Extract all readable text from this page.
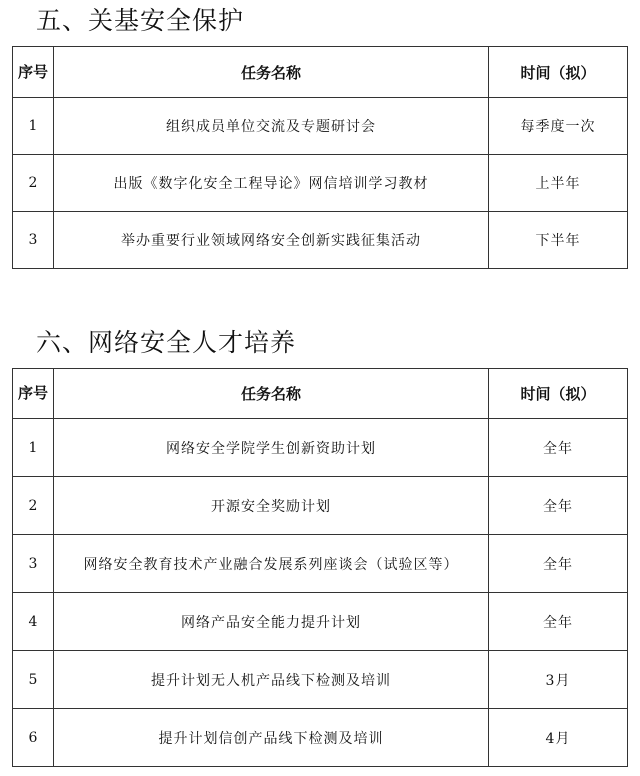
五、关基安全保护
序号	任务名称	时间（拟）
1	组织成员单位交流及专题研讨会	每季度一次
2	出版《数字化安全工程导论》网信培训学习教材	上半年
3	举办重要行业领域网络安全创新实践征集活动	下半年
六、网络安全人才培养
序号	任务名称	时间（拟）
1	网络安全学院学生创新资助计划	全年
2	开源安全奖励计划	全年
3	网络安全教育技术产业融合发展系列座谈会（试验区等）	全年
4	网络产品安全能力提升计划	全年
5	提升计划无人机产品线下检测及培训	3月
6	提升计划信创产品线下检测及培训	4月
